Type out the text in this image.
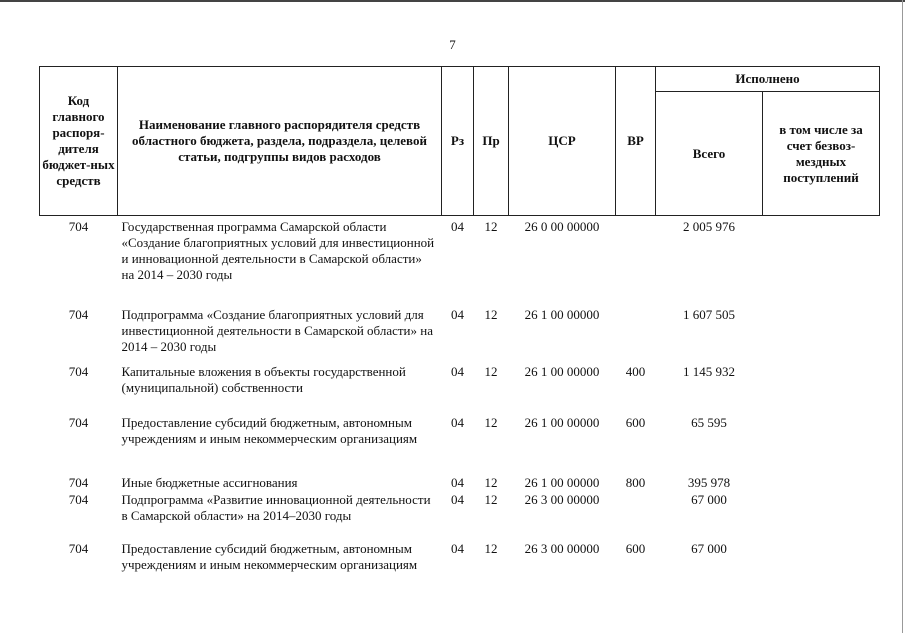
7
Код главного распоря-дителя бюджет-ных средств	Наименование главного распорядителя средств областного бюджета, раздела, подраздела, целевой статьи, подгруппы видов расходов	Рз	Пр	ЦСР	ВР	Исполнено	
						Всего	в том числе за счет безвоз-мездных поступлений
704	Государственная программа Самарской области «Создание благоприятных условий для инвестиционной и инновационной деятельности в Самарской области» на 2014 – 2030 годы	04	12	26 0 00 00000		2 005 976	
704	Подпрограмма «Создание благоприятных условий для инвестиционной деятельности в Самарской области» на 2014 – 2030 годы	04	12	26 1 00 00000		1 607 505	
704	Капитальные вложения в объекты государственной (муниципальной) собственности	04	12	26 1 00 00000	400	1 145 932	
704	Предоставление субсидий бюджетным, автономным учреждениям и иным некоммерческим организациям	04	12	26 1 00 00000	600	65 595	
704	Иные бюджетные ассигнования	04	12	26 1 00 00000	800	395 978	
704	Подпрограмма «Развитие инновационной деятельности в Самарской области» на 2014–2030 годы	04	12	26 3 00 00000		67 000	
704	Предоставление субсидий бюджетным, автономным учреждениям и иным некоммерческим организациям	04	12	26 3 00 00000	600	67 000	
